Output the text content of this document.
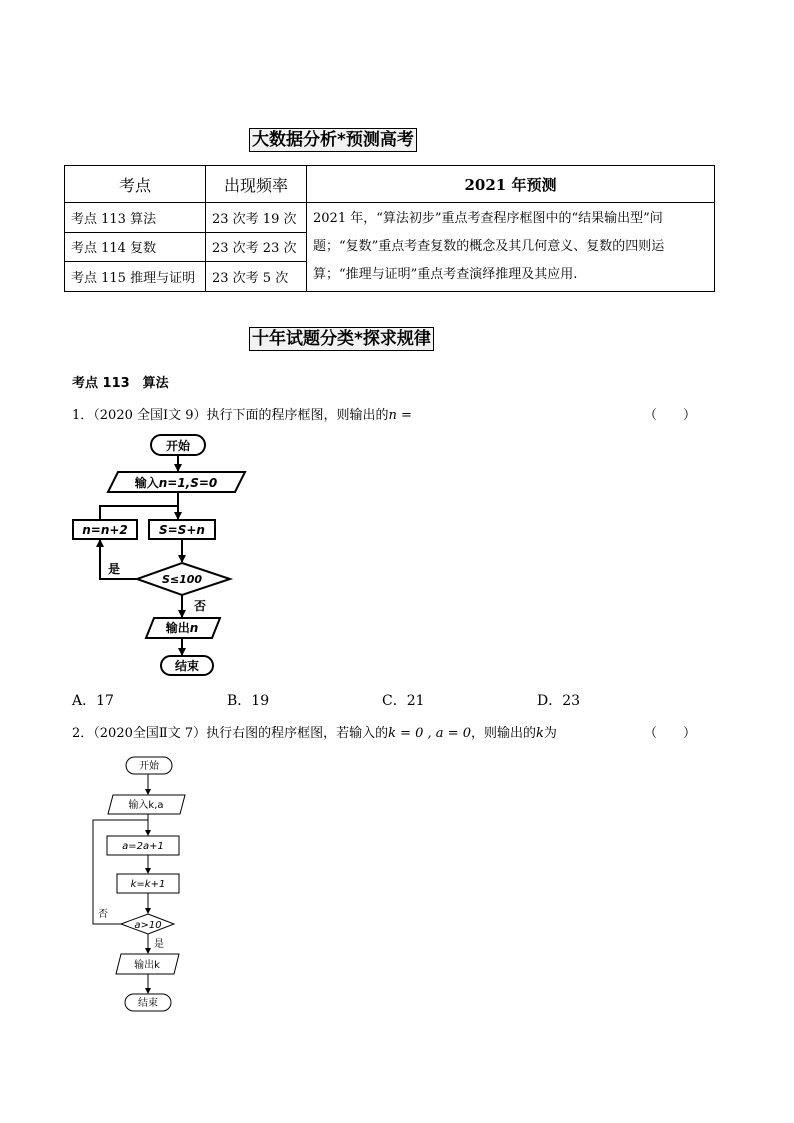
大数据分析*预测高考
考点	出现频率	2021 年预测
考点 113 算法	23 次考 19 次	2021 年，“算法初步”重点考查程序框图中的“结果输出型”问题；“复数”重点考查复数的概念及其几何意义、复数的四则运算；“推理与证明”重点考查演绎推理及其应用.
考点 114 复数	23 次考 23 次	
考点 115 推理与证明	23 次考 5 次	
十年试题分类*探求规律
考点 113　算法
1．（2020 全国Ⅰ文 9）执行下面的程序框图，则输出的n =	（　　）
开始
输入n=1,S=0
S=S+n
n=n+2
S≤100
是
否
输出n
结束
A．17	B．19	C．21	D．23
2．（2020全国Ⅱ文 7）执行右图的程序框图，若输入的k = 0 , a = 0，则输出的k为	（　　）
开始
输入k,a
a=2a+1
k=k+1
a>10
否
是
输出k
结束
